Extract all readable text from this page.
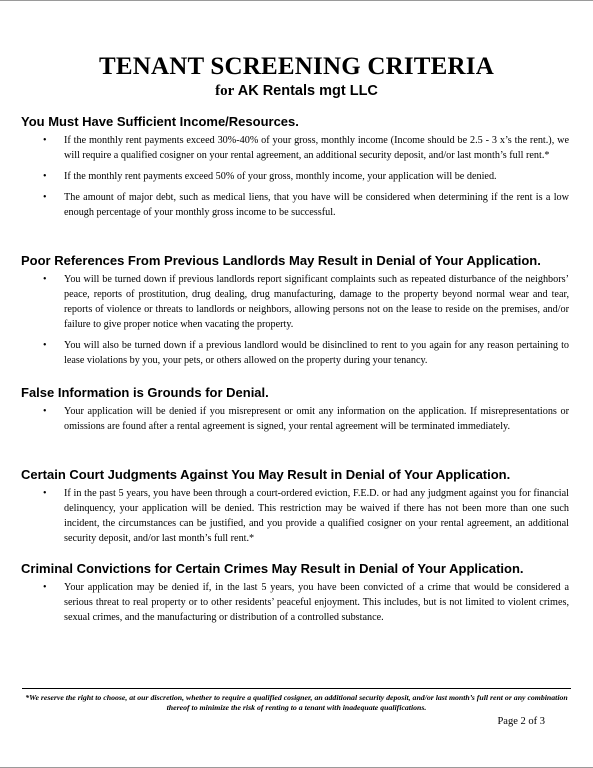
TENANT SCREENING CRITERIA
for AK Rentals mgt LLC
You Must Have Sufficient Income/Resources.
• If the monthly rent payments exceed 30%-40% of your gross, monthly income (Income should be 2.5 - 3 x’s the rent.), we will require a qualified cosigner on your rental agreement, an additional security deposit, and/or last month’s full rent.*
• If the monthly rent payments exceed 50% of your gross, monthly income, your application will be denied.
• The amount of major debt, such as medical liens, that you have will be considered when determining if the rent is a low enough percentage of your monthly gross income to be successful.
Poor References From Previous Landlords May Result in Denial of Your Application.
• You will be turned down if previous landlords report significant complaints such as repeated disturbance of the neighbors’ peace, reports of prostitution, drug dealing, drug manufacturing, damage to the property beyond normal wear and tear, reports of violence or threats to landlords or neighbors, allowing persons not on the lease to reside on the premises, and/or failure to give proper notice when vacating the property.
• You will also be turned down if a previous landlord would be disinclined to rent to you again for any reason pertaining to lease violations by you, your pets, or others allowed on the property during your tenancy.
False Information is Grounds for Denial.
• Your application will be denied if you misrepresent or omit any information on the application. If misrepresentations or omissions are found after a rental agreement is signed, your rental agreement will be terminated immediately.
Certain Court Judgments Against You May Result in Denial of Your Application.
• If in the past 5 years, you have been through a court-ordered eviction, F.E.D. or had any judgment against you for financial delinquency, your application will be denied. This restriction may be waived if there has not been more than one such incident, the circumstances can be justified, and you provide a qualified cosigner on your rental agreement, an additional security deposit, and/or last month’s full rent.*
Criminal Convictions for Certain Crimes May Result in Denial of Your Application.
• Your application may be denied if, in the last 5 years, you have been convicted of a crime that would be considered a serious threat to real property or to other residents’ peaceful enjoyment. This includes, but is not limited to violent crimes, sexual crimes, and the manufacturing or distribution of a controlled substance.
*We reserve the right to choose, at our discretion, whether to require a qualified cosigner, an additional security deposit, and/or last month’s full rent or any combination thereof to minimize the risk of renting to a tenant with inadequate qualifications.
Page 2 of 3
